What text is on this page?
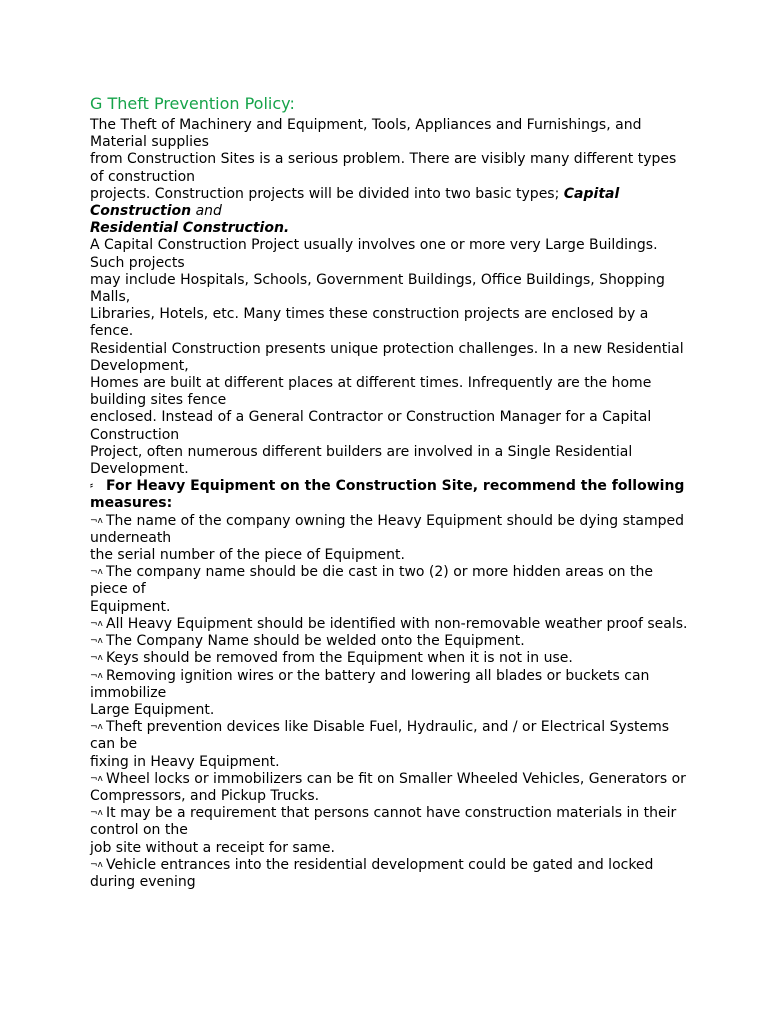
G Theft Prevention Policy:

The Theft of Machinery and Equipment, Tools, Appliances and Furnishings, and Material supplies

from Construction Sites is a serious problem. There are visibly many different types of construction

projects. Construction projects will be divided into two basic types; Capital Construction and

Residential Construction.

A Capital Construction Project usually involves one or more very Large Buildings. Such projects

may include Hospitals, Schools, Government Buildings, Office Buildings, Shopping Malls,

Libraries, Hotels, etc. Many times these construction projects are enclosed by a fence.

Residential Construction presents unique protection challenges. In a new Residential Development,

Homes are built at different places at different times. Infrequently are the home building sites fence

enclosed. Instead of a General Contractor or Construction Manager for a Capital Construction

Project, often numerous different builders are involved in a Single Residential Development.

⸗ For Heavy Equipment on the Construction Site, recommend the following measures:

¬ʌ The name of the company owning the Heavy Equipment should be dying stamped underneath

the serial number of the piece of Equipment.

¬ʌ The company name should be die cast in two (2) or more hidden areas on the piece of

Equipment.

¬ʌ All Heavy Equipment should be identified with non-removable weather proof seals.

¬ʌ The Company Name should be welded onto the Equipment.

¬ʌ Keys should be removed from the Equipment when it is not in use.

¬ʌ Removing ignition wires or the battery and lowering all blades or buckets can immobilize

Large Equipment.

¬ʌ Theft prevention devices like Disable Fuel, Hydraulic, and / or Electrical Systems can be

fixing in Heavy Equipment.

¬ʌ Wheel locks or immobilizers can be fit on Smaller Wheeled Vehicles, Generators or

Compressors, and Pickup Trucks.

¬ʌ It may be a requirement that persons cannot have construction materials in their control on the

job site without a receipt for same.

¬ʌ Vehicle entrances into the residential development could be gated and locked during evening
